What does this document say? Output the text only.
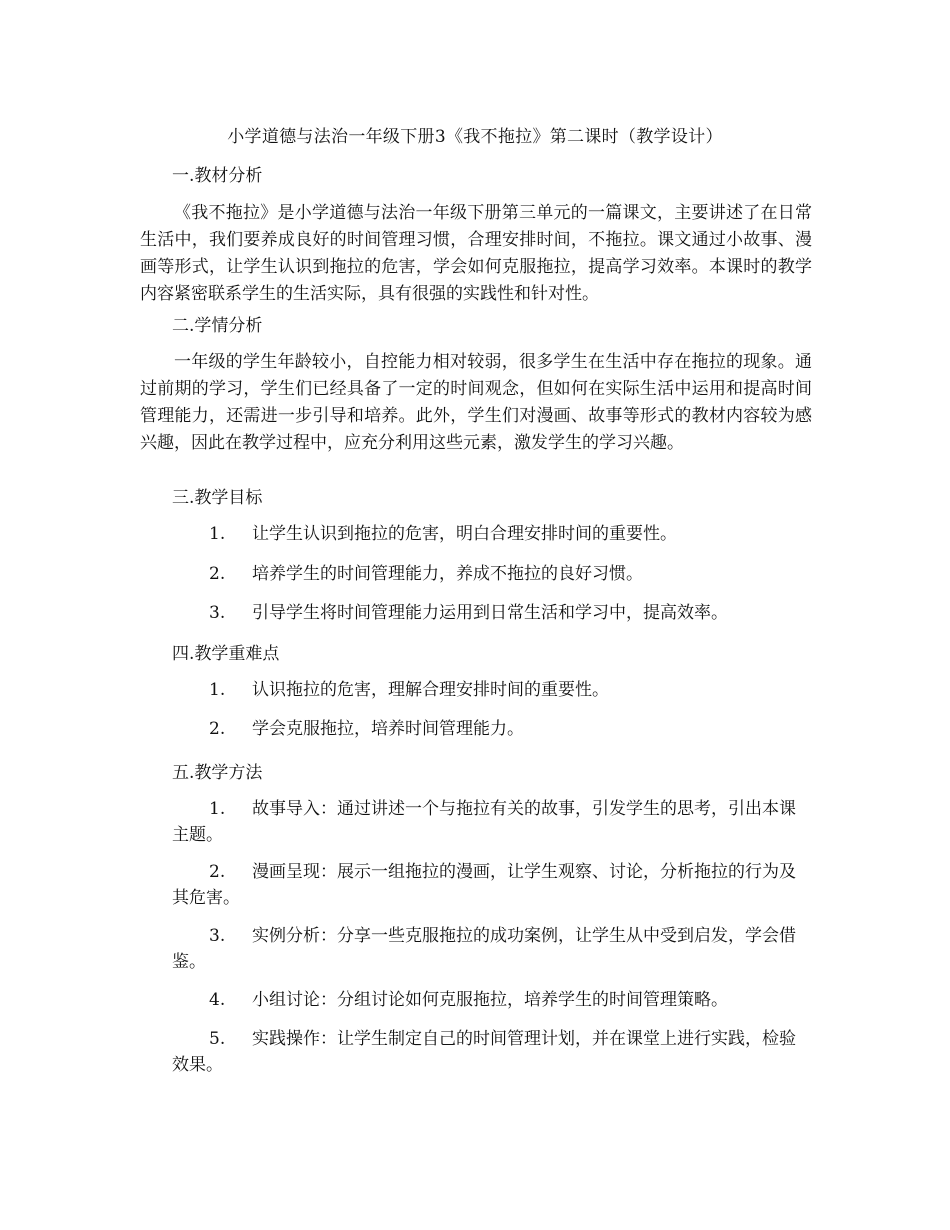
小学道德与法治一年级下册3《我不拖拉》第二课时（教学设计）
一.教材分析
《我不拖拉》是小学道德与法治一年级下册第三单元的一篇课文，主要讲述了在日常生活中，我们要养成良好的时间管理习惯，合理安排时间，不拖拉。课文通过小故事、漫画等形式，让学生认识到拖拉的危害，学会如何克服拖拉，提高学习效率。本课时的教学内容紧密联系学生的生活实际，具有很强的实践性和针对性。
二.学情分析
一年级的学生年龄较小，自控能力相对较弱，很多学生在生活中存在拖拉的现象。通过前期的学习，学生们已经具备了一定的时间观念，但如何在实际生活中运用和提高时间管理能力，还需进一步引导和培养。此外，学生们对漫画、故事等形式的教材内容较为感兴趣，因此在教学过程中，应充分利用这些元素，激发学生的学习兴趣。
三.教学目标
1.	让学生认识到拖拉的危害，明白合理安排时间的重要性。
2.	培养学生的时间管理能力，养成不拖拉的良好习惯。
3.	引导学生将时间管理能力运用到日常生活和学习中，提高效率。
四.教学重难点
1.	认识拖拉的危害，理解合理安排时间的重要性。
2.	学会克服拖拉，培养时间管理能力。
五.教学方法
1.	故事导入：通过讲述一个与拖拉有关的故事，引发学生的思考，引出本课主题。
2.	漫画呈现：展示一组拖拉的漫画，让学生观察、讨论，分析拖拉的行为及其危害。
3.	实例分析：分享一些克服拖拉的成功案例，让学生从中受到启发，学会借鉴。
4.	小组讨论：分组讨论如何克服拖拉，培养学生的时间管理策略。
5.	实践操作：让学生制定自己的时间管理计划，并在课堂上进行实践，检验效果。
